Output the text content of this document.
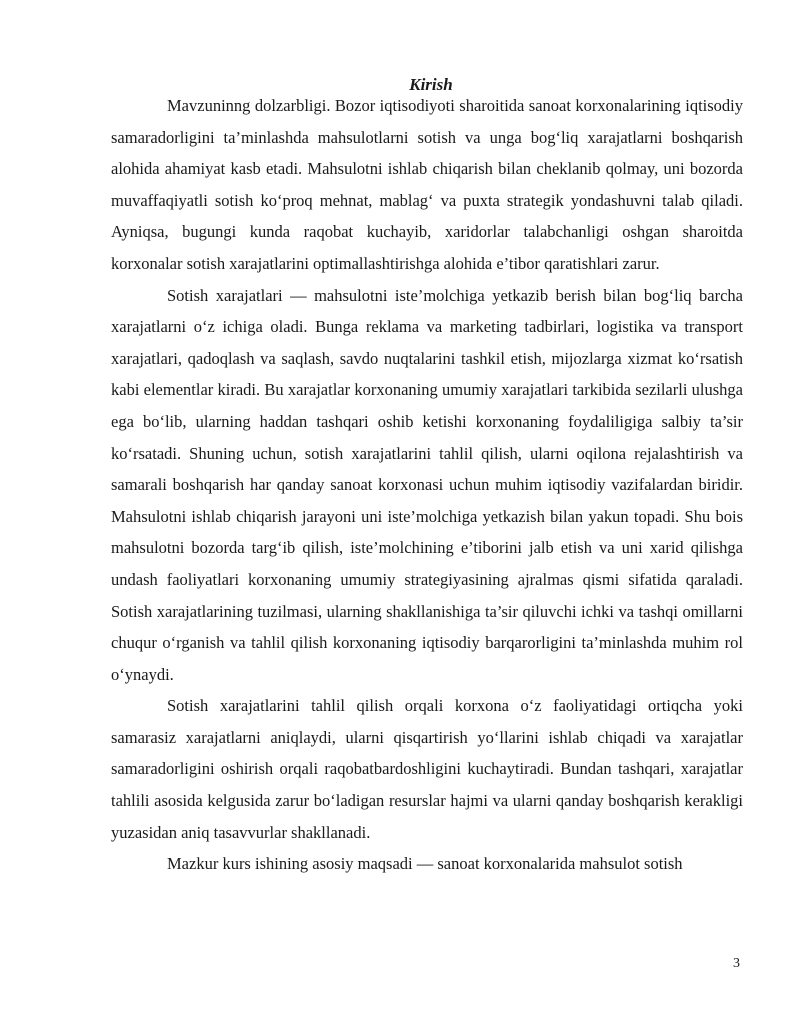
Kirish

Mavzuninng dolzarbligi. Bozor iqtisodiyoti sharoitida sanoat korxonalarining iqtisodiy samaradorligini ta’minlashda mahsulotlarni sotish va unga bog‘liq xarajatlarni boshqarish alohida ahamiyat kasb etadi. Mahsulotni ishlab chiqarish bilan cheklanib qolmay, uni bozorda muvaffaqiyatli sotish ko‘proq mehnat, mablag‘ va puxta strategik yondashuvni talab qiladi. Ayniqsa, bugungi kunda raqobat kuchayib, xaridorlar talabchanligi oshgan sharoitda korxonalar sotish xarajatlarini optimallashtirishga alohida e’tibor qaratishlari zarur.

Sotish xarajatlari — mahsulotni iste’molchiga yetkazib berish bilan bog‘liq barcha xarajatlarni o‘z ichiga oladi. Bunga reklama va marketing tadbirlari, logistika va transport xarajatlari, qadoqlash va saqlash, savdo nuqtalarini tashkil etish, mijozlarga xizmat ko‘rsatish kabi elementlar kiradi. Bu xarajatlar korxonaning umumiy xarajatlari tarkibida sezilarli ulushga ega bo‘lib, ularning haddan tashqari oshib ketishi korxonaning foydaliligiga salbiy ta’sir ko‘rsatadi. Shuning uchun, sotish xarajatlarini tahlil qilish, ularni oqilona rejalashtirish va samarali boshqarish har qanday sanoat korxonasi uchun muhim iqtisodiy vazifalardan biridir. Mahsulotni ishlab chiqarish jarayoni uni iste’molchiga yetkazish bilan yakun topadi. Shu bois mahsulotni bozorda targ‘ib qilish, iste’molchining e’tiborini jalb etish va uni xarid qilishga undash faoliyatlari korxonaning umumiy strategiyasining ajralmas qismi sifatida qaraladi. Sotish xarajatlarining tuzilmasi, ularning shakllanishiga ta’sir qiluvchi ichki va tashqi omillarni chuqur o‘rganish va tahlil qilish korxonaning iqtisodiy barqarorligini ta’minlashda muhim rol o‘ynaydi.

Sotish xarajatlarini tahlil qilish orqali korxona o‘z faoliyatidagi ortiqcha yoki samarasiz xarajatlarni aniqlaydi, ularni qisqartirish yo‘llarini ishlab chiqadi va xarajatlar samaradorligini oshirish orqali raqobatbardoshligini kuchaytiradi. Bundan tashqari, xarajatlar tahlili asosida kelgusida zarur bo‘ladigan resurslar hajmi va ularni qanday boshqarish kerakligi yuzasidan aniq tasavvurlar shakllanadi.

Mazkur kurs ishining asosiy maqsadi — sanoat korxonalarida mahsulot sotish

3
